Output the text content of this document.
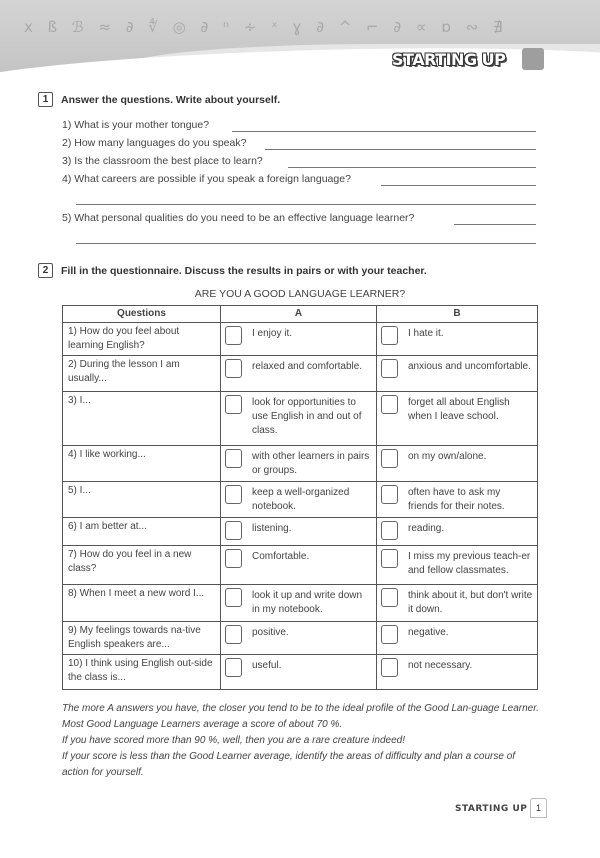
x ß ℬ ≈ ∂ ∜ ◎ ∂ ⁿ ∻ ˣ ɣ ∂ ^ ⌐ ∂ ∝ ɒ ∾ ∄
STARTING UP
1	Answer the questions. Write about yourself.
1) What is your mother tongue?
2) How many languages do you speak?
3) Is the classroom the best place to learn?
4) What careers are possible if you speak a foreign language?
5) What personal qualities do you need to be an effective language learner?
2	Fill in the questionnaire. Discuss the results in pairs or with your teacher.
ARE YOU A GOOD LANGUAGE LEARNER?
Questions	A	B
1) How do you feel about learning English?	I enjoy it.	I hate it.

2) During the lesson I am usually...	relaxed and comfortable.	anxious and uncomfortable.

3) I...	look for opportunities to use English in and out of class.	forget all about English when I leave school.

4) I like working...	with other learners in pairs or groups.	on my own/alone.

5) I...	keep a well-organized notebook.	often have to ask my friends for their notes.

6) I am better at...	listening.	reading.

7) How do you feel in a new class?	Comfortable.	I miss my previous teach-er and fellow classmates.

8) When I meet a new word I...	look it up and write down in my notebook.	think about it, but don't write it down.

9) My feelings towards na-tive English speakers are...	positive.	negative.

10) I think using English out-side the class is...	useful.	not necessary.
The more A answers you have, the closer you tend to be to the ideal profile of the Good Lan-guage Learner. Most Good Language Learners average a score of about 70 %.
If you have scored more than 90 %, well, then you are a rare creature indeed!
If your score is less than the Good Learner average, identify the areas of difficulty and plan a course of action for yourself.
STARTING UP 1
